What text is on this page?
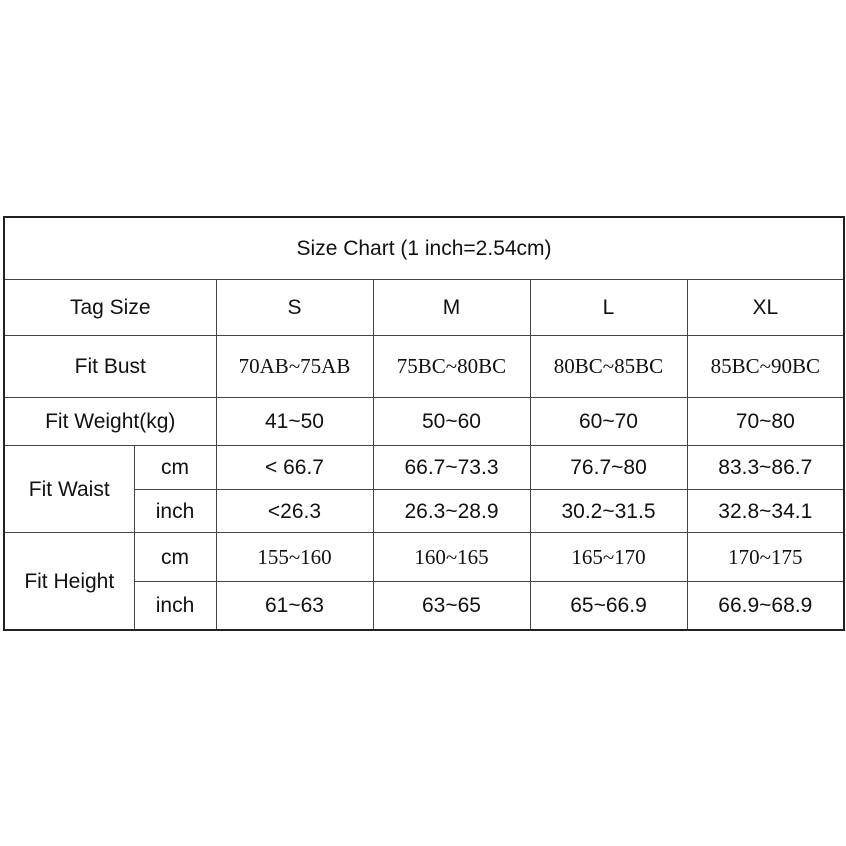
Size Chart (1 inch=2.54cm)					
Tag Size		S	M	L	XL
Fit Bust		70AB~75AB	75BC~80BC	80BC~85BC	85BC~90BC
Fit Weight(kg)		41~50	50~60	60~70	70~80
Fit Waist	cm	< 66.7	66.7~73.3	76.7~80	83.3~86.7
	inch	<26.3	26.3~28.9	30.2~31.5	32.8~34.1
Fit Height	cm	155~160	160~165	165~170	170~175
	inch	61~63	63~65	65~66.9	66.9~68.9
